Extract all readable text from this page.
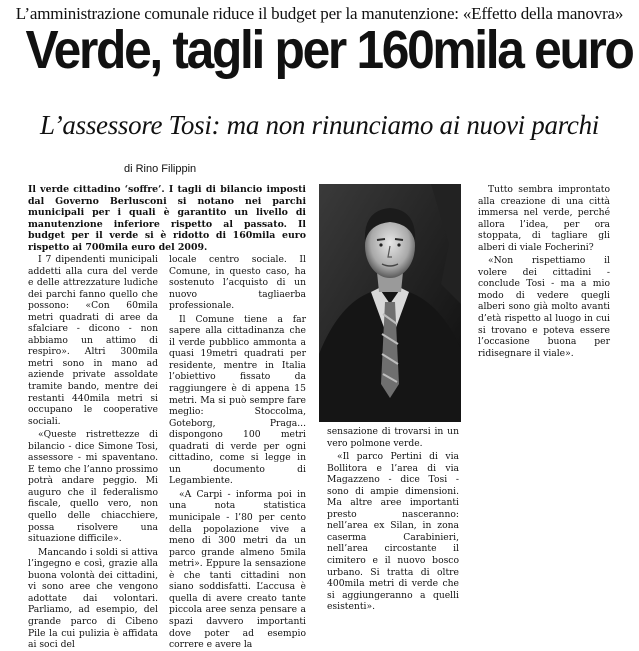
L’amministrazione comunale riduce il budget per la manutenzione: «Effetto della manovra»
Verde, tagli per 160mila euro
L’assessore Tosi: ma non rinunciamo ai nuovi parchi
di Rino Filippin
Il verde cittadino ‘soffre’. I tagli di bilancio imposti dal Governo Berlusconi si notano nei parchi municipali per i quali è garantito un livello di manutenzione inferiore rispetto al passato. Il budget per il verde si è ridotto di 160mila euro rispetto ai 700mila euro del 2009.

I 7 dipendenti municipali addetti alla cura del verde e delle attrezzature ludiche dei parchi fanno quello che possono: «Con 60mila metri quadrati di aree da sfalciare - dicono - non abbiamo un attimo di respiro». Altri 300mila metri sono in mano ad aziende private assoldate tramite bando, mentre dei restanti 440mila metri si occupano le cooperative sociali.

«Queste ristrettezze di bilancio - dice Simone Tosi, assessore - mi spaventano. E temo che l’anno prossimo potrà andare peggio. Mi auguro che il federalismo fiscale, quello vero, non quello delle chiacchiere, possa risolvere una situazione difficile».

Mancando i soldi si attiva l’ingegno e così, grazie alla buona volontà dei cittadini, vi sono aree che vengono adottate dai volontari. Parliamo, ad esempio, del grande parco di Cibeno Pile la cui pulizia è affidata ai soci del

locale centro sociale. Il Comune, in questo caso, ha sostenuto l’acquisto di un nuovo tagliaerba professionale.

Il Comune tiene a far sapere alla cittadinanza che il verde pubblico ammonta a quasi 19metri quadrati per residente, mentre in Italia l’obiettivo fissato da raggiungere è di appena 15 metri. Ma si può sempre fare meglio: Stoccolma, Goteborg, Praga... dispongono 100 metri quadrati di verde per ogni cittadino, come si legge in un documento di Legambiente.

«A Carpi - informa poi in una nota statistica municipale - l’80 per cento della popolazione vive a meno di 300 metri da un parco grande almeno 5mila metri». Eppure la sensazione è che tanti cittadini non siano soddisfatti. L’accusa è quella di avere creato tante piccola aree senza pensare a spazi davvero importanti dove poter ad esempio correre e avere la

sensazione di trovarsi in un vero polmone verde.

«Il parco Pertini di via Bollitora e l’area di via Magazzeno - dice Tosi - sono di ampie dimensioni. Ma altre aree importanti presto nasceranno: nell’area ex Silan, in zona caserma Carabinieri, nell’area circostante il cimitero e il nuovo bosco urbano. Si tratta di oltre 400mila metri di verde che si aggiungeranno a quelli esistenti».

Tutto sembra improntato alla creazione di una città immersa nel verde, perché allora l’idea, per ora stoppata, di tagliare gli alberi di viale Focherini?

«Non rispettiamo il volere dei cittadini - conclude Tosi - ma a mio modo di vedere quegli alberi sono già molto avanti d’età rispetto al luogo in cui si trovano e poteva essere l’occasione buona per ridisegnare il viale».
